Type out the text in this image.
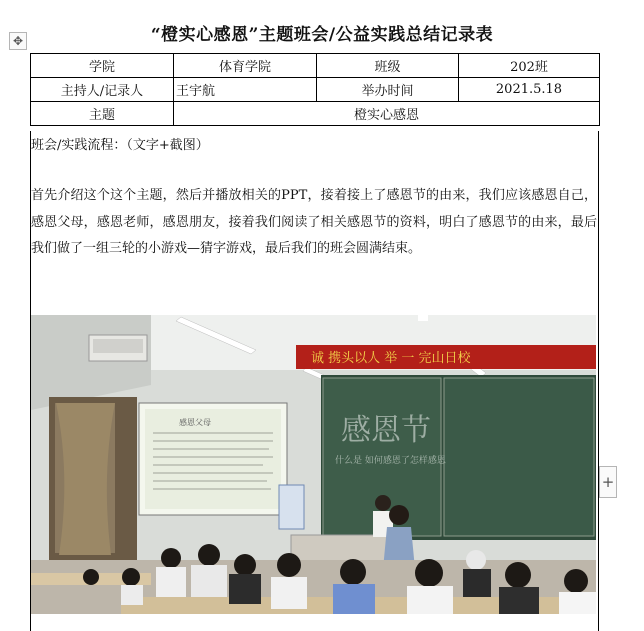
“橙实心感恩”主题班会/公益实践总结记录表
✥
+
学院	体育学院	班级	202班
主持人/记录人	王宇航	举办时间	2021.5.18
主题	橙实心感恩		
班会/实践流程：（文字+截图）
首先介绍这个这个主题，然后并播放相关的PPT，接着接上了感恩节的由来，我们应该感恩自己，感恩父母，感恩老师，感恩朋友，接着我们阅读了相关感恩节的资料，明白了感恩节的由来，最后我们做了一组三轮的小游戏—猜字游戏，最后我们的班会圆满结束。
诚 携头以人 举 一 完山日校
感恩节
什么是 如何感恩了怎样感恩
感恩父母
